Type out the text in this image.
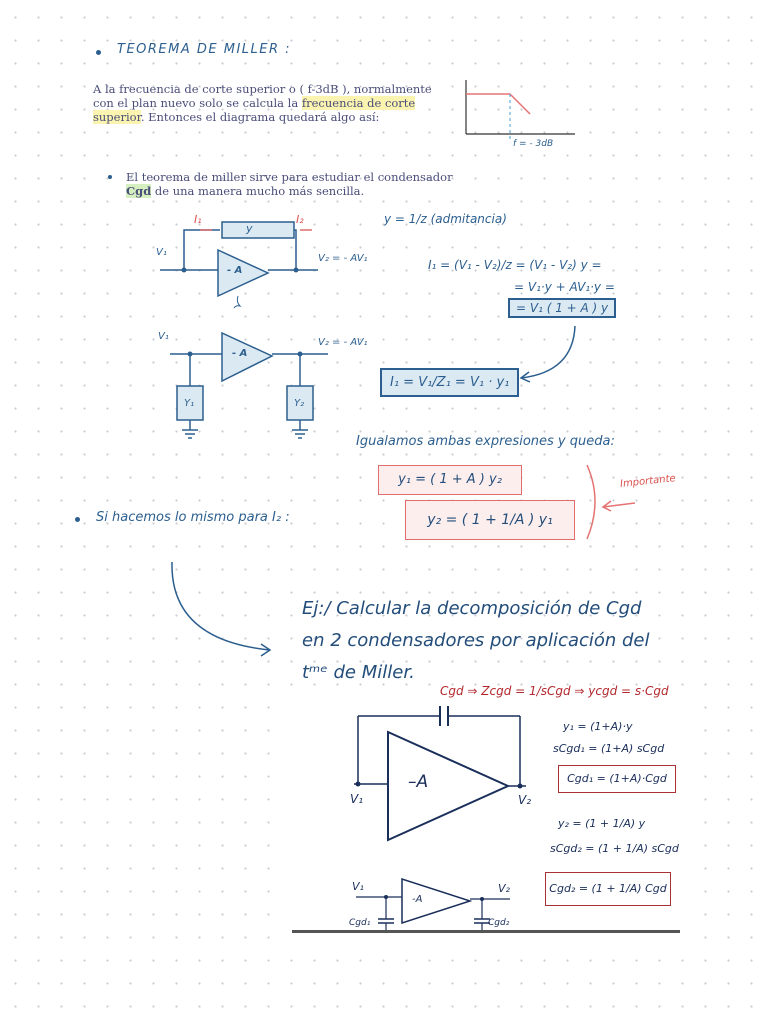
TEOREMA DE MILLER :
A la frecuencia de corte superior o ( f-3dB ), normalmente
con el plan nuevo solo se calcula la frecuencia de corte
superior. Entonces el diagrama quedará algo así:
f = - 3dB
El teorema de miller sirve para estudiar el condensador
Cgd de una manera mucho más sencilla.
I₁	I₂
y
V₁
V₂ = - AV₁
- A
V₁
V₂ = - AV₁
- A
Y₁	Y₂
y = 1/z (admitancia)
I₁ = (V₁ - V₂)/z = (V₁ - V₂) y =
= V₁·y + AV₁·y =
= V₁ ( 1 + A ) y
I₁ = V₁/Z₁ = V₁ · y₁
Igualamos ambas expresiones y queda:
y₁ = ( 1 + A ) y₂	Importante
Si hacemos lo mismo para I₂ :	y₂ = ( 1 + 1/A ) y₁
Ej:/ Calcular la decomposición de Cgd
en 2 condensadores por aplicación del
tᵐᵉ de Miller.
Cgd ⇒ Zcgd = 1/sCgd ⇒ ycgd = s·Cgd
–A
V₁	V₂
y₁ = (1+A)·y
sCgd₁ = (1+A) sCgd
Cgd₁ = (1+A)·Cgd
y₂ = (1 + 1/A) y
sCgd₂ = (1 + 1/A) sCgd
Cgd₂ = (1 + 1/A) Cgd
-A
V₁	V₂
Cgd₁	Cgd₂
